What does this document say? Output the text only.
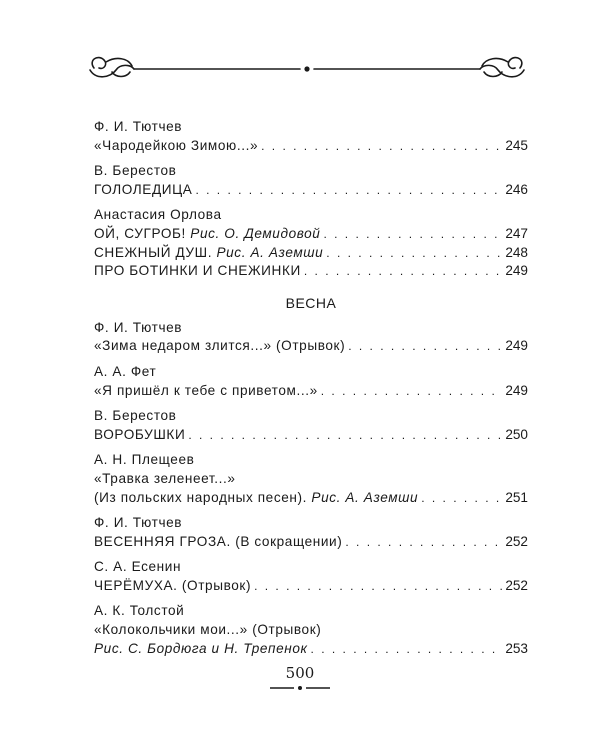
Ф. И. Тютчев
«Чародейкою Зимою...» . . .	245
В. Берестов
ГОЛОЛЕДИЦА . . .	246
Анастасия Орлова
ОЙ, СУГРОБ! Рис. О. Демидовой . . .	247
СНЕЖНЫЙ ДУШ. Рис. А. Аземши . . .	248
ПРО БОТИНКИ И СНЕЖИНКИ . . .	249
ВЕСНА
Ф. И. Тютчев
«Зима недаром злится...» (Отрывок) . . .	249
А. А. Фет
«Я пришёл к тебе с приветом...» . . .	249
В. Берестов
ВОРОБУШКИ . . .	250
А. Н. Плещеев
«Травка зеленеет...»
(Из польских народных песен). Рис. А. Аземши . . .	251
Ф. И. Тютчев
ВЕСЕННЯЯ ГРОЗА. (В сокращении) . . .	252
С. А. Есенин
ЧЕРЁМУХА. (Отрывок) . . .	252
А. К. Толстой
«Колокольчики мои...» (Отрывок)
Рис. С. Бордюга и Н. Трепенок . . .	253
500
